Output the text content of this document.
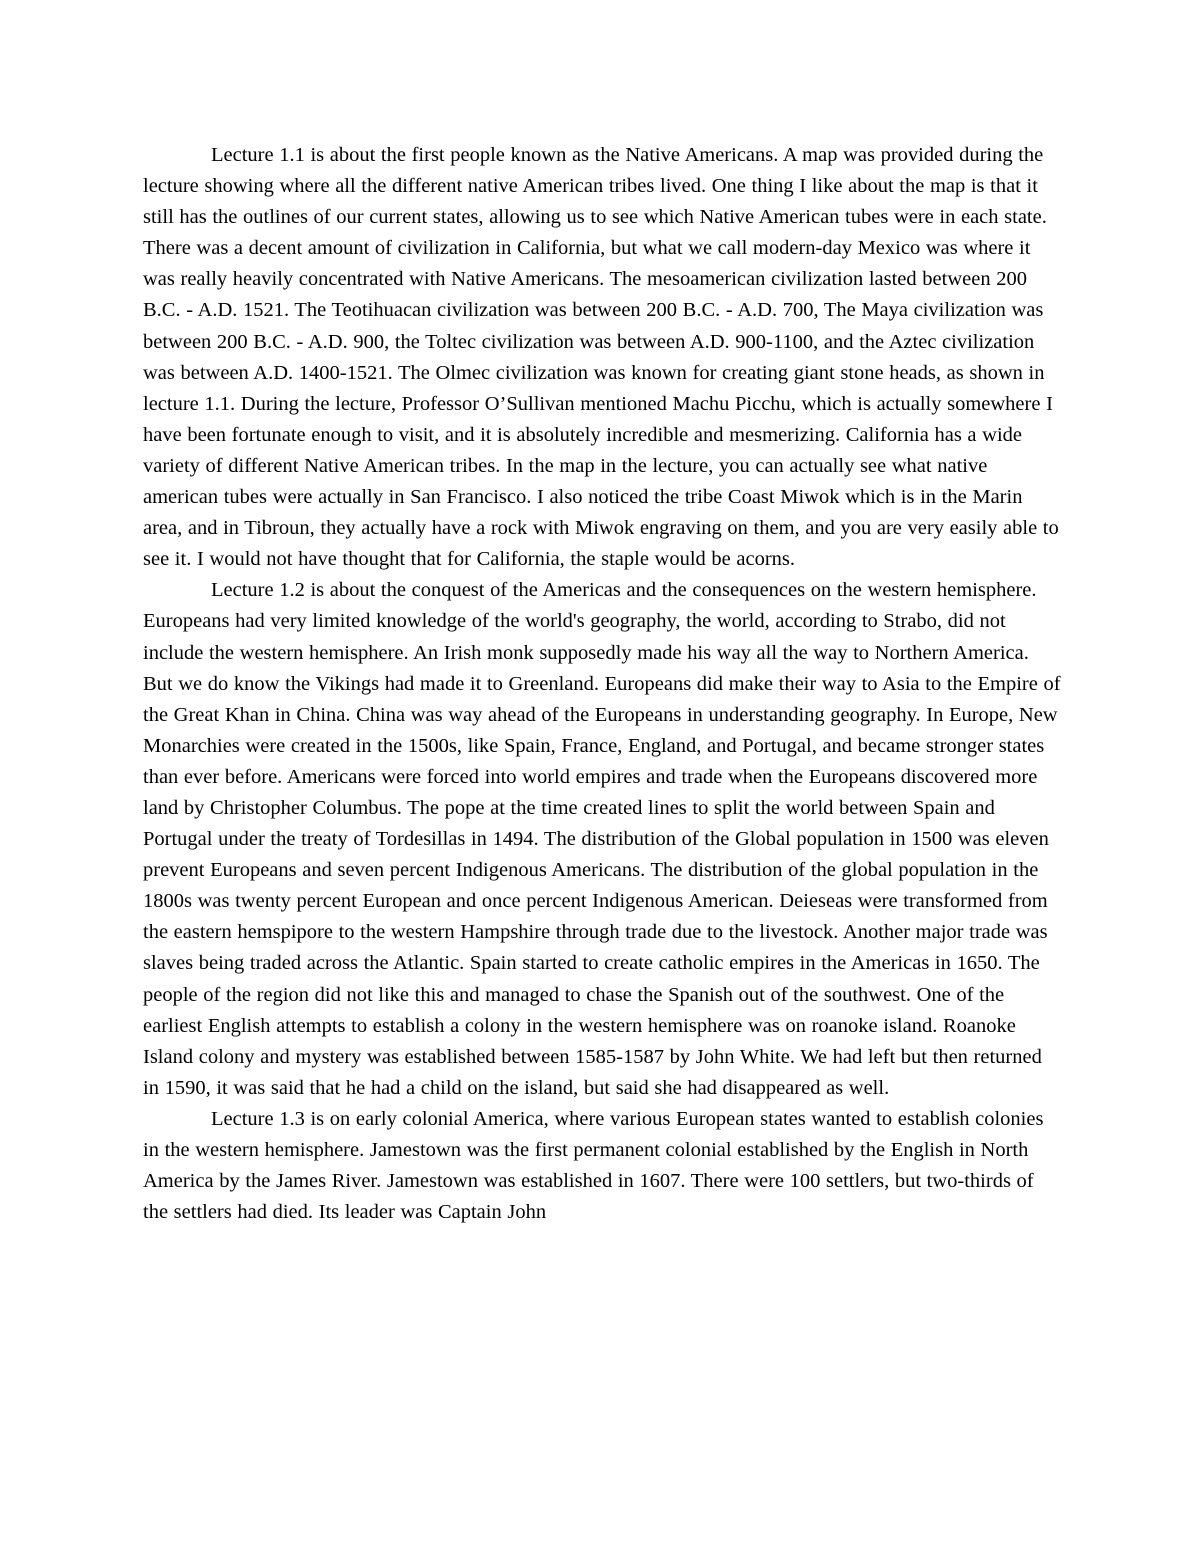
Lecture 1.1 is about the first people known as the Native Americans. A map was provided during the lecture showing where all the different native American tribes lived. One thing I like about the map is that it still has the outlines of our current states, allowing us to see which Native American tubes were in each state. There was a decent amount of civilization in California, but what we call modern-day Mexico was where it was really heavily concentrated with Native Americans. The mesoamerican civilization lasted between 200 B.C. - A.D. 1521. The Teotihuacan civilization was between 200 B.C. - A.D. 700, The Maya civilization was between 200 B.C. - A.D. 900, the Toltec civilization was between A.D. 900-1100, and the Aztec civilization was between A.D. 1400-1521. The Olmec civilization was known for creating giant stone heads, as shown in lecture 1.1. During the lecture, Professor O’Sullivan mentioned Machu Picchu, which is actually somewhere I have been fortunate enough to visit, and it is absolutely incredible and mesmerizing. California has a wide variety of different Native American tribes. In the map in the lecture, you can actually see what native american tubes were actually in San Francisco. I also noticed the tribe Coast Miwok which is in the Marin area, and in Tibroun, they actually have a rock with Miwok engraving on them, and you are very easily able to see it. I would not have thought that for California, the staple would be acorns.

Lecture 1.2 is about the conquest of the Americas and the consequences on the western hemisphere. Europeans had very limited knowledge of the world's geography, the world, according to Strabo, did not include the western hemisphere. An Irish monk supposedly made his way all the way to Northern America. But we do know the Vikings had made it to Greenland. Europeans did make their way to Asia to the Empire of the Great Khan in China. China was way ahead of the Europeans in understanding geography. In Europe, New Monarchies were created in the 1500s, like Spain, France, England, and Portugal, and became stronger states than ever before. Americans were forced into world empires and trade when the Europeans discovered more land by Christopher Columbus. The pope at the time created lines to split the world between Spain and Portugal under the treaty of Tordesillas in 1494. The distribution of the Global population in 1500 was eleven prevent Europeans and seven percent Indigenous Americans. The distribution of the global population in the 1800s was twenty percent European and once percent Indigenous American. Deieseas were transformed from the eastern hemspipore to the western Hampshire through trade due to the livestock. Another major trade was slaves being traded across the Atlantic. Spain started to create catholic empires in the Americas in 1650. The people of the region did not like this and managed to chase the Spanish out of the southwest. One of the earliest English attempts to establish a colony in the western hemisphere was on roanoke island. Roanoke Island colony and mystery was established between 1585-1587 by John White. We had left but then returned in 1590, it was said that he had a child on the island, but said she had disappeared as well.

Lecture 1.3 is on early colonial America, where various European states wanted to establish colonies in the western hemisphere. Jamestown was the first permanent colonial established by the English in North America by the James River. Jamestown was established in 1607. There were 100 settlers, but two-thirds of the settlers had died. Its leader was Captain John
